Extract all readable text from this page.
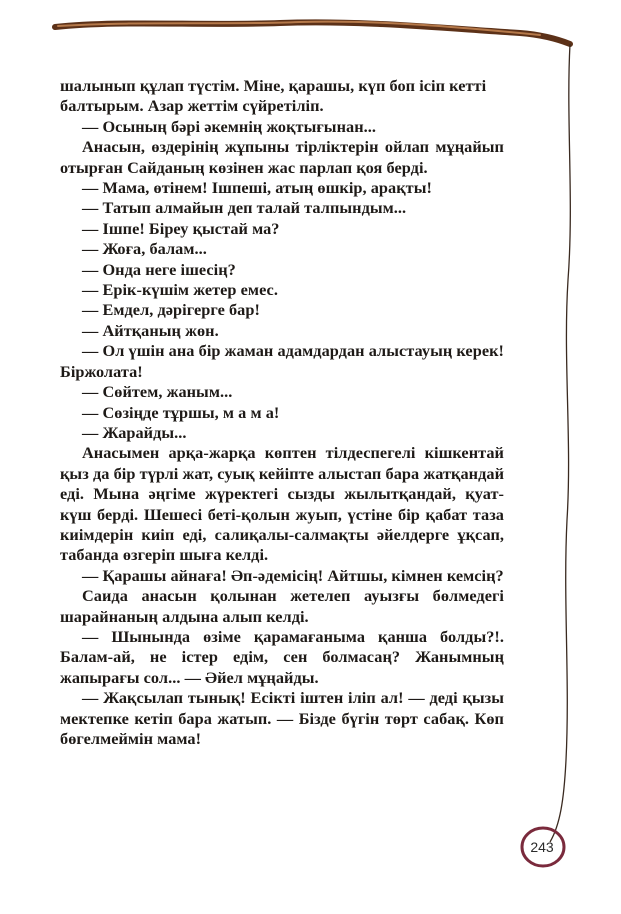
шалынып құлап түстім. Міне, қарашы, күп боп ісіп кетті

балтырым. Азар жеттім сүйретіліп.

— Осының бәрі әкемнің жоқтығынан...

Анасын, өздерінің жұпыны тірліктерін ойлап мұңайып отырған Сайданың көзінен жас парлап қоя берді.

— Мама, өтінем! Ішпеші, атың өшкір, арақты!

— Татып алмайын деп талай талпындым...

— Ішпе! Біреу қыстай ма?

— Жоға, балам...

— Онда неге ішесің?

— Ерік-күшім жетер емес.

— Емдел, дәрігерге бар!

— Айтқаның жөн.

— Ол үшін ана бір жаман адамдардан алыстауың керек! Біржолата!

— Сөйтем, жаным...

— Сөзіңде тұршы, м а м а!

— Жарайды...

Анасымен арқа-жарқа көптен тілдеспегелі кішкентай қыз да бір түрлі жат, суық кейіпте алыстап бара жатқандай еді. Мына әңгіме жүректегі сызды жылытқандай, қуат-күш берді. Шешесі беті-қолын жуып, үстіне бір қабат таза киімдерін киіп еді, салиқалы-салмақты әйелдерге ұқсап, табанда өзгеріп шыға келді.

— Қарашы айнаға! Әп-әдемісің! Айтшы, кімнен кемсің?

Саида анасын қолынан жетелеп ауызғы бөлмедегі шарайнаның алдына алып келді.

— Шынында өзіме қарамағаныма қанша болды?!. Балам-ай, не істер едім, сен болмасаң? Жанымның жапырағы сол... — Әйел мұңайды.

— Жақсылап тынық! Есікті іштен іліп ал! — деді қызы мектепке кетіп бара жатып. — Бізде бүгін төрт сабақ. Көп бөгелмеймін мама!

243
